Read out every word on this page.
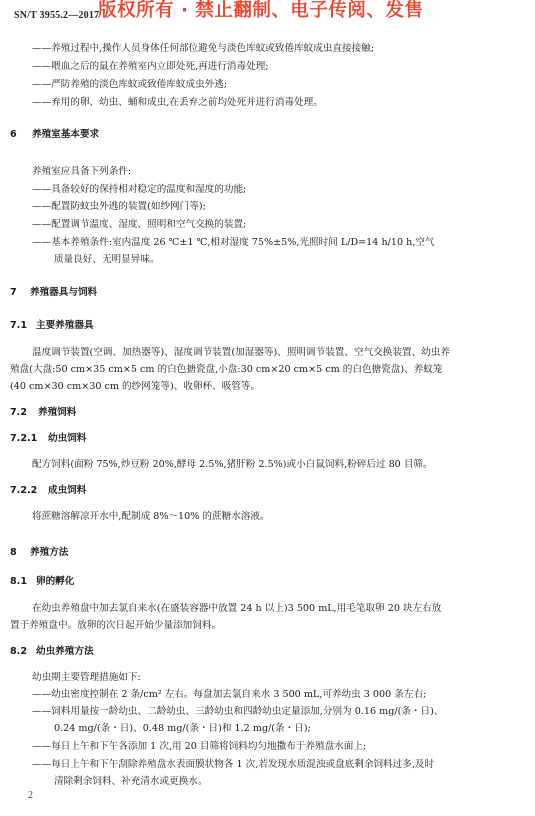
SN/T 3955.2—2017
版权所有 · 禁止翻制、电子传阅、发售
——养殖过程中,操作人员身体任何部位避免与淡色库蚊或致倦库蚊成虫直接接触;
——喂血之后的鼠在养殖室内立即处死,再进行消毒处理;
——严防养殖的淡色库蚊或致倦库蚊成虫外逃;
——弃用的卵、幼虫、蛹和成虫,在丢弃之前均处死并进行消毒处理。
6 养殖室基本要求
养殖室应具备下列条件:
——具备较好的保持相对稳定的温度和湿度的功能;
——配置防蚊虫外逃的装置(如纱网门等);
——配置调节温度、湿度、照明和空气交换的装置;
——基本养殖条件:室内温度 26 ℃±1 ℃,相对湿度 75%±5%,光照时间 L/D=14 h/10 h,空气
质量良好、无明显异味。
7 养殖器具与饲料
7.1 主要养殖器具
温度调节装置(空调、加热器等)、湿度调节装置(加湿器等)、照明调节装置、空气交换装置、幼虫养
殖盘(大盘:50 cm×35 cm×5 cm 的白色搪瓷盘,小盘:30 cm×20 cm×5 cm 的白色搪瓷盘)、养蚊笼
(40 cm×30 cm×30 cm 的纱网笼等)、收卵杯、吸管等。
7.2 养殖饲料
7.2.1 幼虫饲料
配方饲料(面粉 75%,炒豆粉 20%,酵母 2.5%,猪肝粉 2.5%)或小白鼠饲料,粉碎后过 80 目筛。
7.2.2 成虫饲料
将蔗糖溶解凉开水中,配制成 8%～10% 的蔗糖水溶液。
8 养殖方法
8.1 卵的孵化
在幼虫养殖盘中加去氯自来水(在盛装容器中放置 24 h 以上)3 500 mL,用毛笔取卵 20 块左右放
置于养殖盘中。放卵的次日起开始少量添加饲料。
8.2 幼虫养殖方法
幼虫期主要管理措施如下:
——幼虫密度控制在 2 条/cm² 左右。每盘加去氯自来水 3 500 mL,可养幼虫 3 000 条左右;
——饲料用量按一龄幼虫、二龄幼虫、三龄幼虫和四龄幼虫定量添加,分别为 0.16 mg/(条・日)、
0.24 mg/(条・日)、0.48 mg/(条・日)和 1.2 mg/(条・日);
——每日上午和下午各添加 1 次,用 20 目筛将饲料均匀地撒布于养殖盘水面上;
——每日上午和下午刮除养殖盘水表面膜状物各 1 次,若发现水质混浊或盘底剩余饲料过多,及时
清除剩余饲料、补充清水或更换水。
2
